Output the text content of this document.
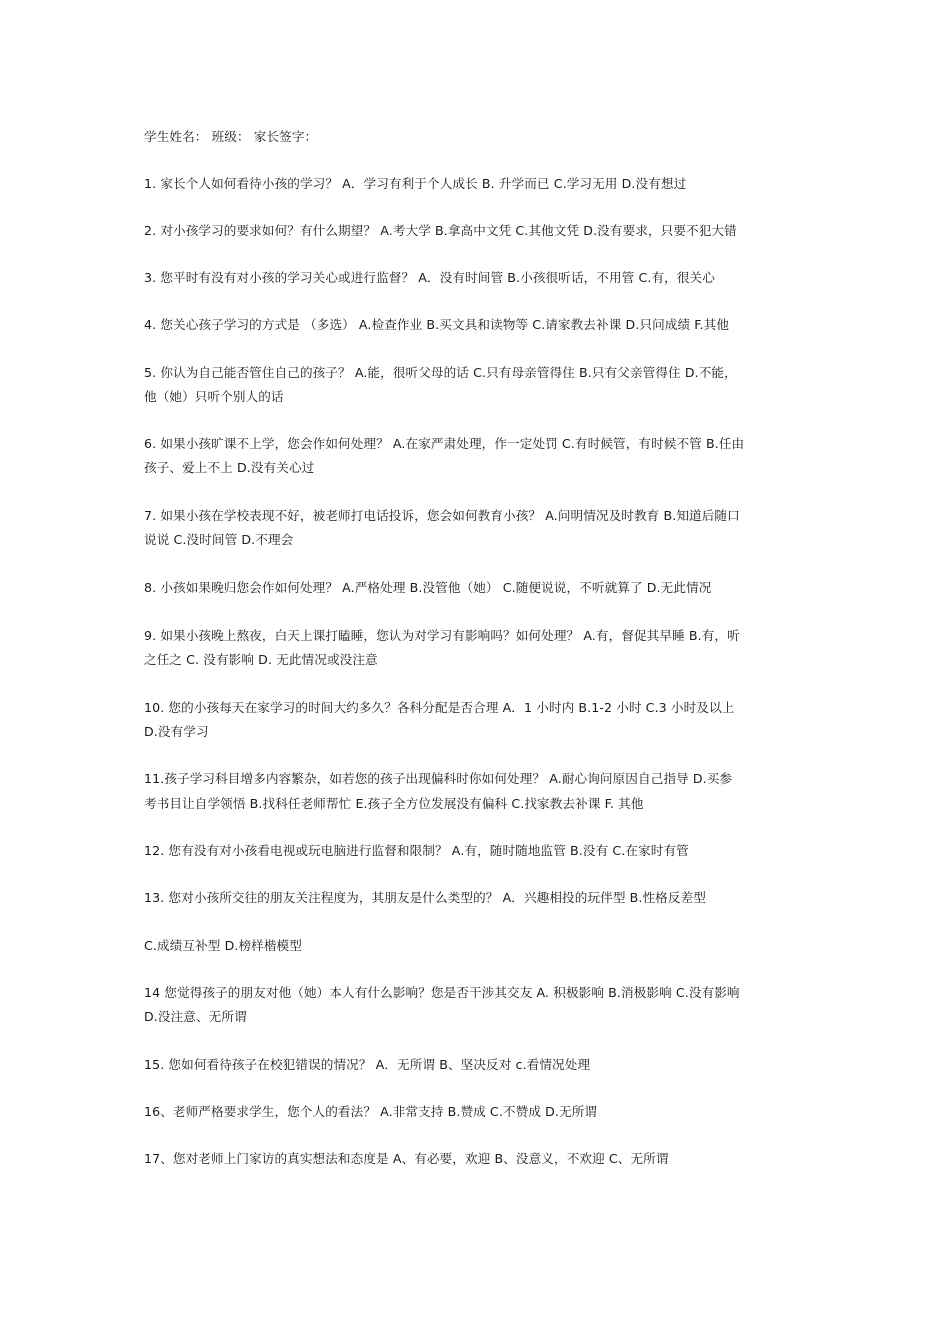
学生姓名： 班级： 家长签字：
1. 家长个人如何看待小孩的学习？ A．学习有利于个人成长 B. 升学而已 C.学习无用 D.没有想过
2. 对小孩学习的要求如何？有什么期望？ A.考大学 B.拿高中文凭 C.其他文凭 D.没有要求，只要不犯大错
3. 您平时有没有对小孩的学习关心或进行监督？ A．没有时间管 B.小孩很听话，不用管 C.有，很关心
4. 您关心孩子学习的方式是 （多选） A.检查作业 B.买文具和读物等 C.请家教去补课 D.只问成绩 F.其他
5. 你认为自己能否管住自己的孩子？ A.能，很听父母的话 C.只有母亲管得住 B.只有父亲管得住 D.不能，
他（她）只听个别人的话
6. 如果小孩旷课不上学，您会作如何处理？ A.在家严肃处理，作一定处罚 C.有时候管，有时候不管 B.任由
孩子、爱上不上 D.没有关心过
7. 如果小孩在学校表现不好，被老师打电话投诉，您会如何教育小孩？ A.问明情况及时教育 B.知道后随口
说说 C.没时间管 D.不理会
8. 小孩如果晚归您会作如何处理？ A.严格处理 B.没管他（她） C.随便说说，不听就算了 D.无此情况
9. 如果小孩晚上熬夜，白天上课打瞌睡，您认为对学习有影响吗？如何处理？ A.有，督促其早睡 B.有，听
之任之 C. 没有影响 D. 无此情况或没注意
10. 您的小孩每天在家学习的时间大约多久？各科分配是否合理 A．1 小时内 B.1-2 小时 C.3 小时及以上
D.没有学习
11.孩子学习科目增多内容繁杂，如若您的孩子出现偏科时你如何处理？ A.耐心询问原因自己指导 D.买参
考书目让自学领悟 B.找科任老师帮忙 E.孩子全方位发展没有偏科 C.找家教去补课 F. 其他
12. 您有没有对小孩看电视或玩电脑进行监督和限制？ A.有，随时随地监管 B.没有 C.在家时有管
13. 您对小孩所交往的朋友关注程度为，其朋友是什么类型的？ A．兴趣相投的玩伴型 B.性格反差型
C.成绩互补型 D.榜样楷模型
14 您觉得孩子的朋友对他（她）本人有什么影响？您是否干涉其交友 A. 积极影响 B.消极影响 C.没有影响
D.没注意、无所谓
15. 您如何看待孩子在校犯错误的情况？ A．无所谓 B、坚决反对 c.看情况处理
16、老师严格要求学生，您个人的看法？ A.非常支持 B.赞成 C.不赞成 D.无所谓
17、您对老师上门家访的真实想法和态度是 A、有必要，欢迎 B、没意义，不欢迎 C、无所谓
